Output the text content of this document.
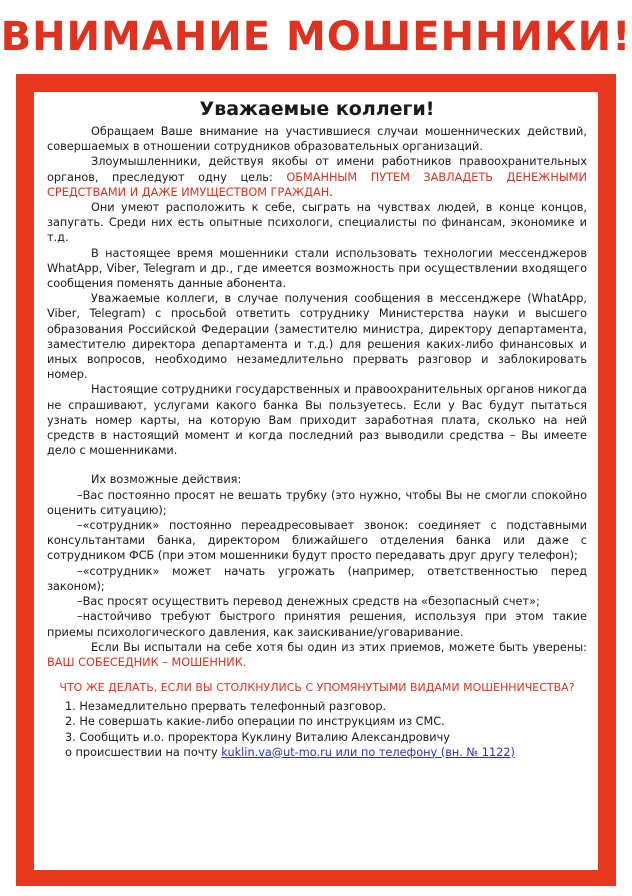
ВНИМАНИЕ МОШЕННИКИ!
Уважаемые коллеги!

Обращаем Ваше внимание на участившиеся случаи мошеннических действий, совершаемых в отношении сотрудников образовательных организаций.

Злоумышленники, действуя якобы от имени работников правоохранительных органов, преследуют одну цель: ОБМАННЫМ ПУТЕМ ЗАВЛАДЕТЬ ДЕНЕЖНЫМИ СРЕДСТВАМИ И ДАЖЕ ИМУЩЕСТВОМ ГРАЖДАН.

Они умеют расположить к себе, сыграть на чувствах людей, в конце концов, запугать. Среди них есть опытные психологи, специалисты по финансам, экономике и т.д.

В настоящее время мошенники стали использовать технологии мессенджеров WhatApp, Viber, Telegram и др., где имеется возможность при осуществлении входящего сообщения поменять данные абонента.

Уважаемые коллеги, в случае получения сообщения в мессенджере (WhatApp, Viber, Telegram) с просьбой ответить сотруднику Министерства науки и высшего образования Российской Федерации (заместителю министра, директору департамента, заместителю директора департамента и т.д.) для решения каких-либо финансовых и иных вопросов, необходимо незамедлительно прервать разговор и заблокировать номер.

Настоящие сотрудники государственных и правоохранительных органов никогда не спрашивают, услугами какого банка Вы пользуетесь. Если у Вас будут пытаться узнать номер карты, на которую Вам приходит заработная плата, сколько на ней средств в настоящий момент и когда последний раз выводили средства – Вы имеете дело с мошенниками.

Их возможные действия:

–Вас постоянно просят не вешать трубку (это нужно, чтобы Вы не смогли спокойно оценить ситуацию);

–«сотрудник» постоянно переадресовывает звонок: соединяет с подставными консультантами банка, директором ближайшего отделения банка или даже с сотрудником ФСБ (при этом мошенники будут просто передавать друг другу телефон);

–«сотрудник» может начать угрожать (например, ответственностью перед законом);

–Вас просят осуществить перевод денежных средств на «безопасный счет»;

–настойчиво требуют быстрого принятия решения, используя при этом такие приемы психологического давления, как заискивание/уговаривание.

Если Вы испытали на себе хотя бы один из этих приемов, можете быть уверены: ВАШ СОБЕСЕДНИК – МОШЕННИК.

ЧТО ЖЕ ДЕЛАТЬ, ЕСЛИ ВЫ СТОЛКНУЛИСЬ С УПОМЯНУТЫМИ ВИДАМИ МОШЕННИЧЕСТВА?

1. Незамедлительно прервать телефонный разговор.

2. Не совершать какие-либо операции по инструкциям из СМС.

3. Сообщить и.о. проректора Куклину Виталию Александровичу

о происшествии на почту kuklin.va@ut-mo.ru или по телефону (вн. № 1122)
